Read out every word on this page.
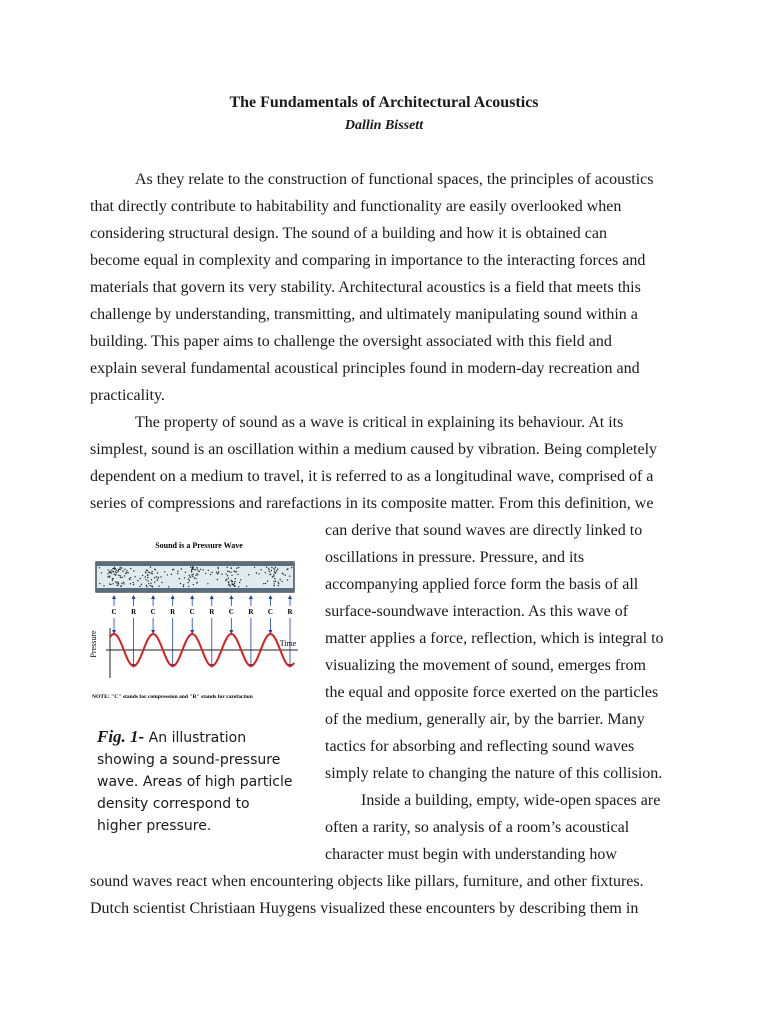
The Fundamentals of Architectural Acoustics
Dallin Bissett
As they relate to the construction of functional spaces, the principles of acoustics
that directly contribute to habitability and functionality are easily overlooked when
considering structural design. The sound of a building and how it is obtained can
become equal in complexity and comparing in importance to the interacting forces and
materials that govern its very stability. Architectural acoustics is a field that meets this
challenge by understanding, transmitting, and ultimately manipulating sound within a
building. This paper aims to challenge the oversight associated with this field and
explain several fundamental acoustical principles found in modern-day recreation and
practicality.
The property of sound as a wave is critical in explaining its behaviour. At its
simplest, sound is an oscillation within a medium caused by vibration. Being completely
dependent on a medium to travel, it is referred to as a longitudinal wave, comprised of a
series of compressions and rarefactions in its composite matter. From this definition, we
can derive that sound waves are directly linked to
oscillations in pressure. Pressure, and its
accompanying applied force form the basis of all
surface-soundwave interaction. As this wave of
matter applies a force, reflection, which is integral to
visualizing the movement of sound, emerges from
the equal and opposite force exerted on the particles
of the medium, generally air, by the barrier. Many
tactics for absorbing and reflecting sound waves
simply relate to changing the nature of this collision.
Inside a building, empty, wide-open spaces are
often a rarity, so analysis of a room’s acoustical
character must begin with understanding how
sound waves react when encountering objects like pillars, furniture, and other fixtures.
Dutch scientist Christiaan Huygens visualized these encounters by describing them in
Sound is a Pressure Wave
C R C R C R C R C R
Pressure	Time
NOTE: "C" stands for compression and "R" stands for rarefaction
Fig. 1- An illustration showing a sound-pressure wave. Areas of high particle density correspond to higher pressure.
